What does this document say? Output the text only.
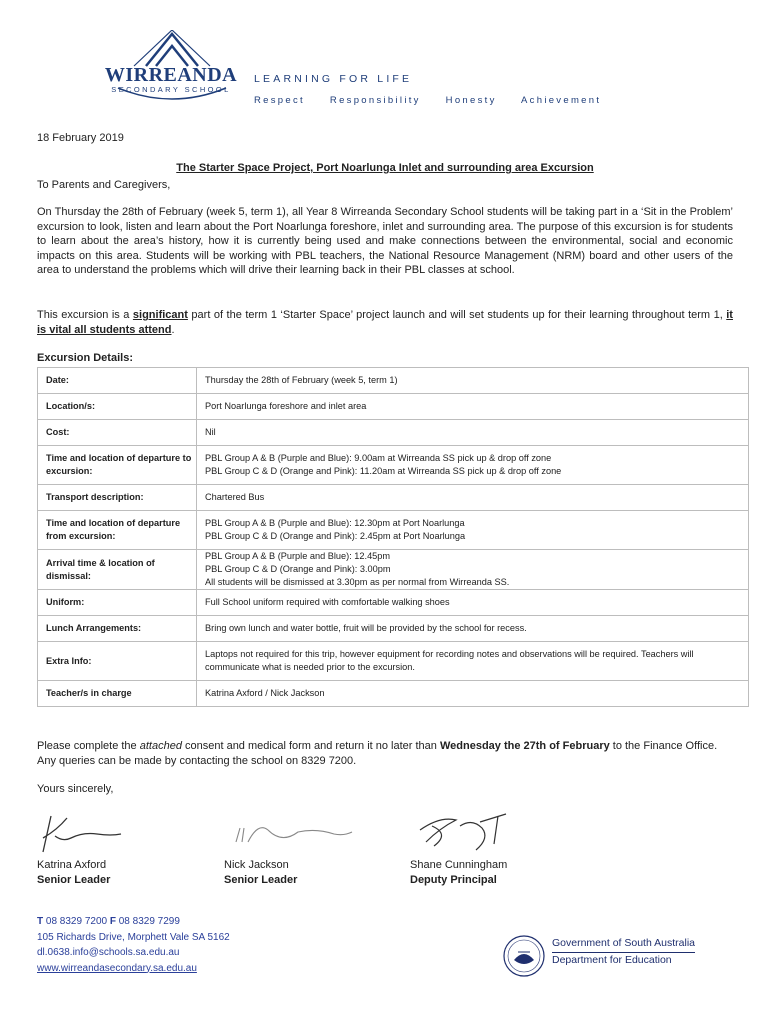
WIRREANDA
SECONDARY SCHOOL
LEARNING FOR LIFE
Respect	Responsibility	Honesty	Achievement
18 February 2019
The Starter Space Project, Port Noarlunga Inlet and surrounding area Excursion
To Parents and Caregivers,
On Thursday the 28th of February (week 5, term 1), all Year 8 Wirreanda Secondary School students will be taking part in a ‘Sit in the Problem’ excursion to look, listen and learn about the Port Noarlunga foreshore, inlet and surrounding area. The purpose of this excursion is for students to learn about the area’s history, how it is currently being used and make connections between the environmental, social and economic impacts on this area. Students will be working with PBL teachers, the National Resource Management (NRM) board and other users of the area to understand the problems which will drive their learning back in their PBL classes at school.
This excursion is a significant part of the term 1 ‘Starter Space’ project launch and will set students up for their learning throughout term 1, it is vital all students attend.
Excursion Details:
Date:	Thursday the 28th of February (week 5, term 1)

Location/s:	Port Noarlunga foreshore and inlet area

Cost:	Nil

Time and location of departure to excursion:	PBL Group A & B (Purple and Blue): 9.00am at Wirreanda SS pick up & drop off zone
PBL Group C & D (Orange and Pink): 11.20am at Wirreanda SS pick up & drop off zone

Transport description:	Chartered Bus

Time and location of departure from excursion:	PBL Group A & B (Purple and Blue): 12.30pm at Port Noarlunga
PBL Group C & D (Orange and Pink): 2.45pm at Port Noarlunga

Arrival time & location of dismissal:	PBL Group A & B (Purple and Blue): 12.45pm
PBL Group C & D (Orange and Pink): 3.00pm
All students will be dismissed at 3.30pm as per normal from Wirreanda SS.

Uniform:	Full School uniform required with comfortable walking shoes

Lunch Arrangements:	Bring own lunch and water bottle, fruit will be provided by the school for recess.

Extra Info:	Laptops not required for this trip, however equipment for recording notes and observations will be required. Teachers will communicate what is needed prior to the excursion.

Teacher/s in charge	Katrina Axford / Nick Jackson
Please complete the attached consent and medical form and return it no later than Wednesday the 27th of February to the Finance Office. Any queries can be made by contacting the school on 8329 7200.
Yours sincerely,
Katrina Axford
Senior Leader
Nick Jackson
Senior Leader
Shane Cunningham
Deputy Principal
T 08 8329 7200 F 08 8329 7299
105 Richards Drive, Morphett Vale SA 5162
dl.0638.info@schools.sa.edu.au
www.wirreandasecondary.sa.edu.au
Government of South Australia
Department for Education
